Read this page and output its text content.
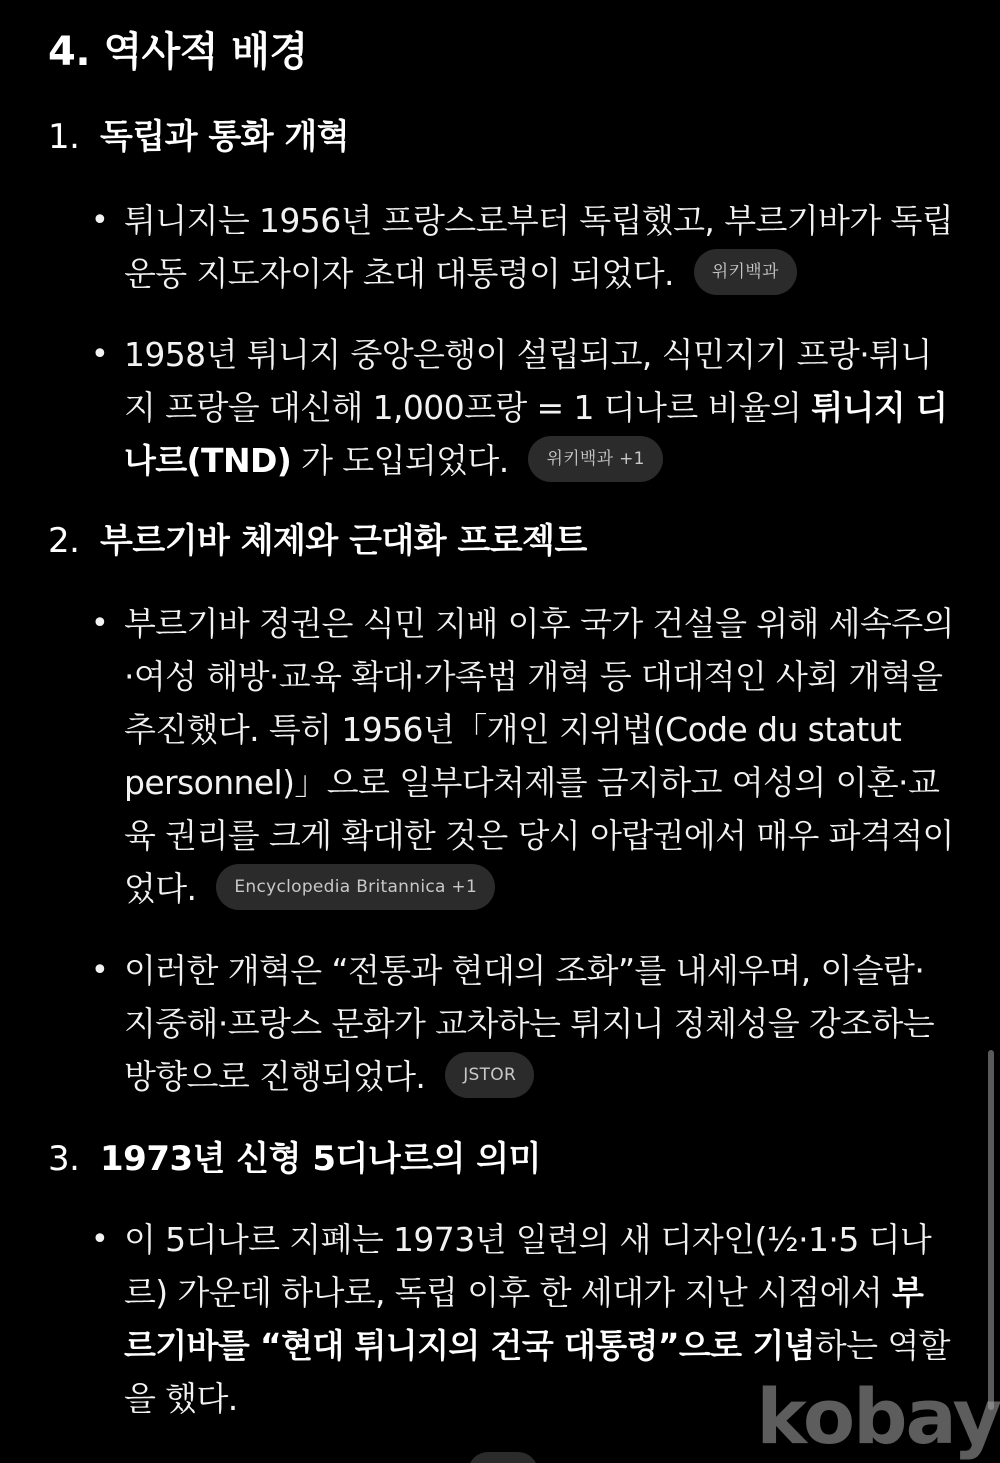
4. 역사적 배경
1. 독립과 통화 개혁
• 튀니지는 1956년 프랑스로부터 독립했고, 부르기바가 독립운동 지도자이자 초대 대통령이 되었다. 위키백과
• 1958년 튀니지 중앙은행이 설립되고, 식민지기 프랑·튀니지 프랑을 대신해 1,000프랑 = 1 디나르 비율의 튀니지 디나르(TND) 가 도입되었다. 위키백과 +1
2. 부르기바 체제와 근대화 프로젝트
• 부르기바 정권은 식민 지배 이후 국가 건설을 위해 세속주의·여성 해방·교육 확대·가족법 개혁 등 대대적인 사회 개혁을 추진했다. 특히 1956년「개인 지위법(Code du statut personnel)」으로 일부다처제를 금지하고 여성의 이혼·교육 권리를 크게 확대한 것은 당시 아랍권에서 매우 파격적이었다. Encyclopedia Britannica +1
• 이러한 개혁은 “전통과 현대의 조화”를 내세우며, 이슬람·지중해·프랑스 문화가 교차하는 튀지니 정체성을 강조하는 방향으로 진행되었다. JSTOR
3. 1973년 신형 5디나르의 의미
• 이 5디나르 지폐는 1973년 일련의 새 디자인(½·1·5 디나르) 가운데 하나로, 독립 이후 한 세대가 지난 시점에서 부르기바를 “현대 튀니지의 건국 대통령”으로 기념하는 역할을 했다.	kobay
